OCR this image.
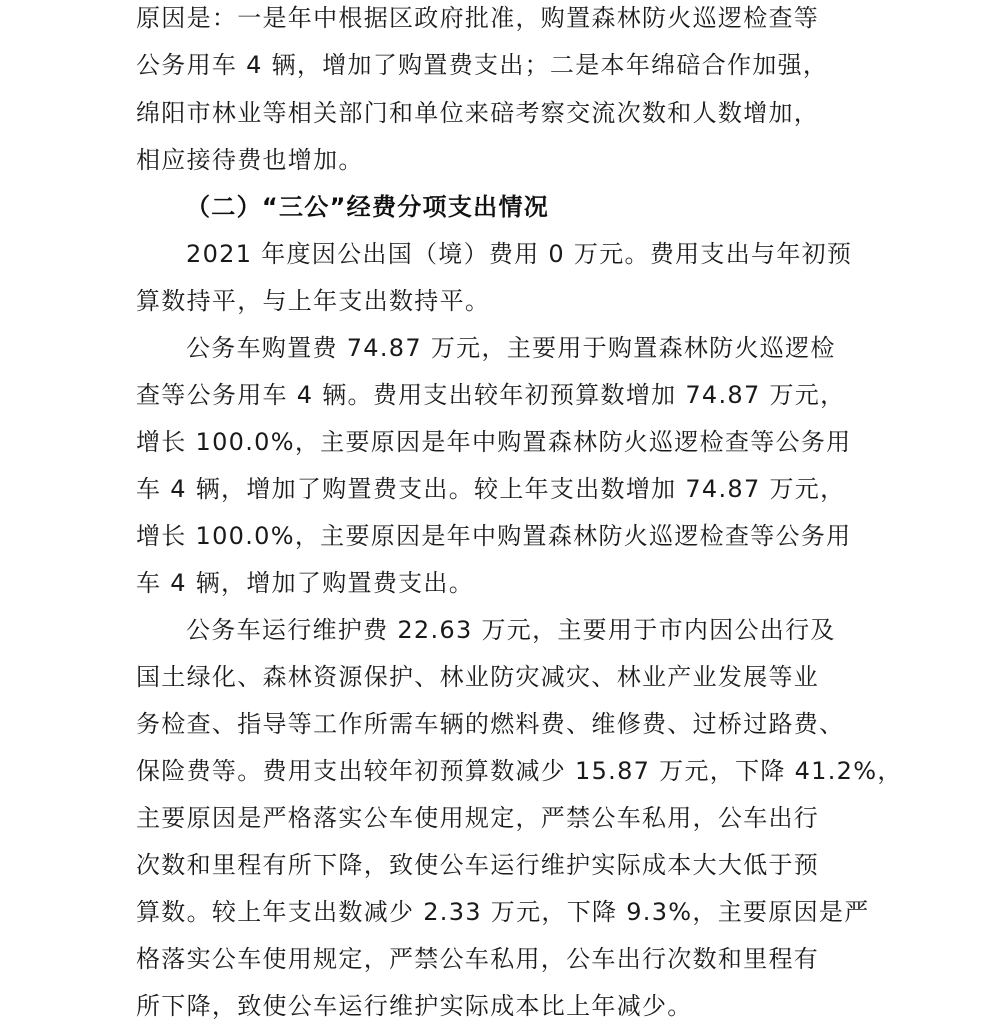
原因是：一是年中根据区政府批准，购置森林防火巡逻检查等

公务用车 4 辆，增加了购置费支出；二是本年绵碚合作加强，

绵阳市林业等相关部门和单位来碚考察交流次数和人数增加，

相应接待费也增加。

（二）“三公”经费分项支出情况

2021 年度因公出国（境）费用 0 万元。费用支出与年初预

算数持平，与上年支出数持平。

公务车购置费 74.87 万元，主要用于购置森林防火巡逻检

查等公务用车 4 辆。费用支出较年初预算数增加 74.87 万元，

增长 100.0%，主要原因是年中购置森林防火巡逻检查等公务用

车 4 辆，增加了购置费支出。较上年支出数增加 74.87 万元，

增长 100.0%，主要原因是年中购置森林防火巡逻检查等公务用

车 4 辆，增加了购置费支出。

公务车运行维护费 22.63 万元，主要用于市内因公出行及

国土绿化、森林资源保护、林业防灾减灾、林业产业发展等业

务检查、指导等工作所需车辆的燃料费、维修费、过桥过路费、

保险费等。费用支出较年初预算数减少 15.87 万元，下降 41.2%，

主要原因是严格落实公车使用规定，严禁公车私用，公车出行

次数和里程有所下降，致使公车运行维护实际成本大大低于预

算数。较上年支出数减少 2.33 万元，下降 9.3%，主要原因是严

格落实公车使用规定，严禁公车私用，公车出行次数和里程有

所下降，致使公车运行维护实际成本比上年减少。
